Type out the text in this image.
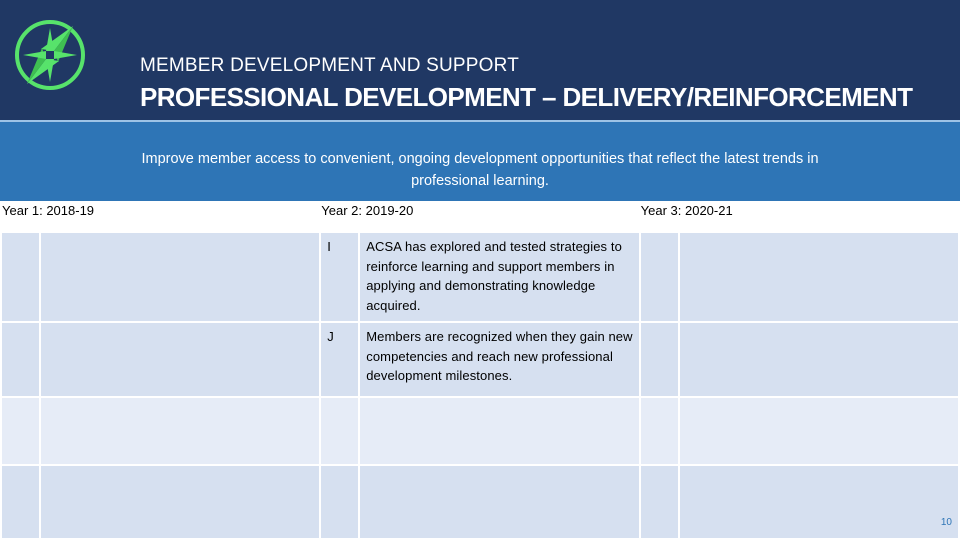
MEMBER DEVELOPMENT AND SUPPORT
PROFESSIONAL DEVELOPMENT – DELIVERY/REINFORCEMENT
Improve member access to convenient, ongoing development opportunities that reflect the latest trends in professional learning.
Year 1: 2018-19		Year 2: 2019-20		Year 3: 2020-21	

		I	ACSA has explored and tested strategies to reinforce learning and support members in applying and demonstrating knowledge acquired.		

		J	Members are recognized when they gain new competencies and reach new professional development milestones.		

10
